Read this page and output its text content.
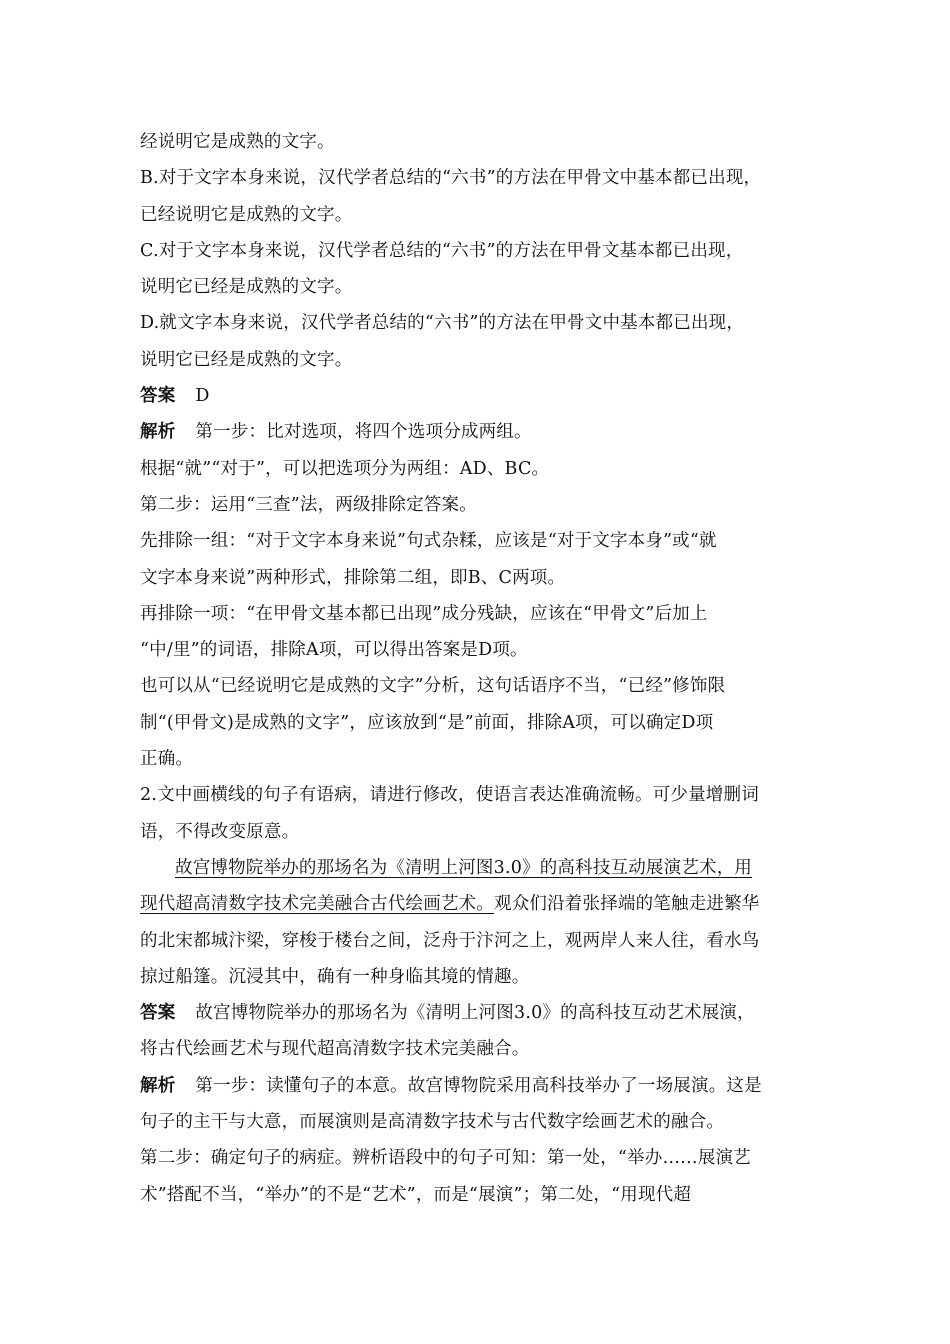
经说明它是成熟的文字。
B.对于文字本身来说，汉代学者总结的“六书”的方法在甲骨文中基本都已出现，
已经说明它是成熟的文字。
C.对于文字本身来说，汉代学者总结的“六书”的方法在甲骨文基本都已出现，
说明它已经是成熟的文字。
D.就文字本身来说，汉代学者总结的“六书”的方法在甲骨文中基本都已出现，
说明它已经是成熟的文字。
答案 D
解析 第一步：比对选项，将四个选项分成两组。
根据“就”“对于”，可以把选项分为两组：AD、BC。
第二步：运用“三查”法，两级排除定答案。
先排除一组：“对于文字本身来说”句式杂糅，应该是“对于文字本身”或“就
文字本身来说”两种形式，排除第二组，即B、C两项。
再排除一项：“在甲骨文基本都已出现”成分残缺，应该在“甲骨文”后加上
“中/里”的词语，排除A项，可以得出答案是D项。
也可以从“已经说明它是成熟的文字”分析，这句话语序不当，“已经”修饰限
制“(甲骨文)是成熟的文字”，应该放到“是”前面，排除A项，可以确定D项
正确。
2.文中画横线的句子有语病，请进行修改，使语言表达准确流畅。可少量增删词
语，不得改变原意。
故宫博物院举办的那场名为《清明上河图3.0》的高科技互动展演艺术，用
现代超高清数字技术完美融合古代绘画艺术。观众们沿着张择端的笔触走进繁华
的北宋都城汴梁，穿梭于楼台之间，泛舟于汴河之上，观两岸人来人往，看水鸟
掠过船篷。沉浸其中，确有一种身临其境的情趣。
答案 故宫博物院举办的那场名为《清明上河图3.0》的高科技互动艺术展演，
将古代绘画艺术与现代超高清数字技术完美融合。
解析 第一步：读懂句子的本意。故宫博物院采用高科技举办了一场展演。这是
句子的主干与大意，而展演则是高清数字技术与古代数字绘画艺术的融合。
第二步：确定句子的病症。辨析语段中的句子可知：第一处，“举办……展演艺
术”搭配不当，“举办”的不是“艺术”，而是“展演”；第二处，“用现代超
